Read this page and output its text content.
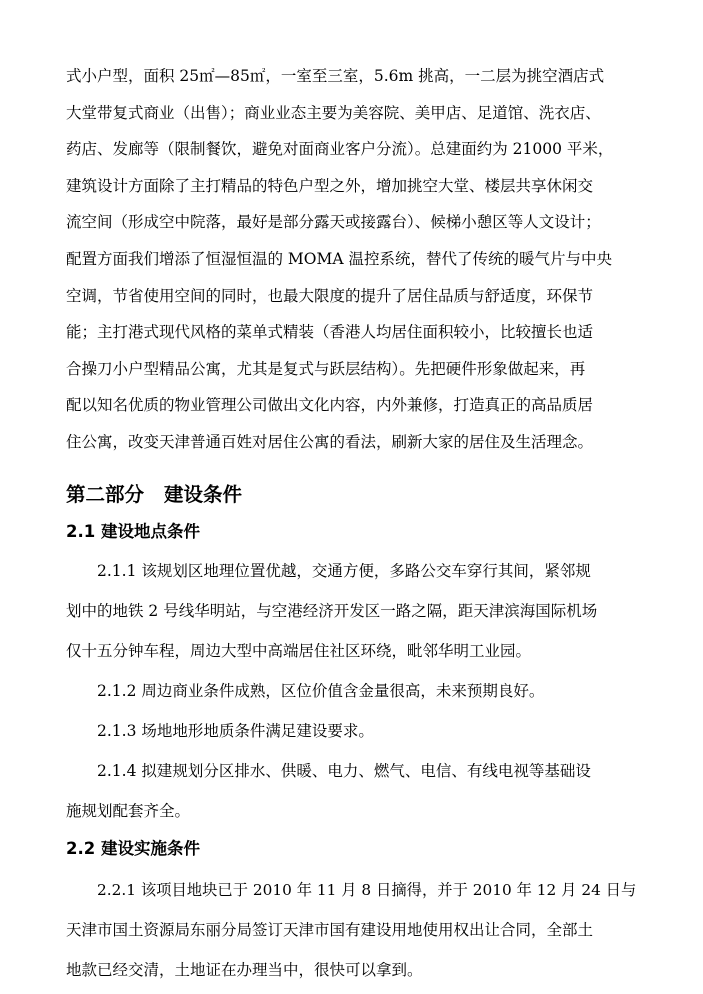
式小户型，面积 25㎡—85㎡，一室至三室，5.6m 挑高，一二层为挑空酒店式
大堂带复式商业（出售）；商业业态主要为美容院、美甲店、足道馆、洗衣店、
药店、发廊等（限制餐饮，避免对面商业客户分流）。总建面约为 21000 平米，
建筑设计方面除了主打精品的特色户型之外，增加挑空大堂、楼层共享休闲交
流空间（形成空中院落，最好是部分露天或接露台）、候梯小憩区等人文设计；
配置方面我们增添了恒湿恒温的 MOMA 温控系统，替代了传统的暖气片与中央
空调，节省使用空间的同时，也最大限度的提升了居住品质与舒适度，环保节
能；主打港式现代风格的菜单式精装（香港人均居住面积较小，比较擅长也适
合操刀小户型精品公寓，尤其是复式与跃层结构）。先把硬件形象做起来，再
配以知名优质的物业管理公司做出文化内容，内外兼修，打造真正的高品质居
第二部分 建设条件
2.1 建设地点条件
2.1.1 该规划区地理位置优越，交通方便，多路公交车穿行其间，紧邻规
划中的地铁 2 号线华明站，与空港经济开发区一路之隔，距天津滨海国际机场
仅十五分钟车程，周边大型中高端居住社区环绕，毗邻华明工业园。
2.1.2 周边商业条件成熟，区位价值含金量很高，未来预期良好。
2.1.3 场地地形地质条件满足建设要求。
2.1.4 拟建规划分区排水、供暖、电力、燃气、电信、有线电视等基础设
施规划配套齐全。
2.2 建设实施条件
2.2.1 该项目地块已于 2010 年 11 月 8 日摘得，并于 2010 年 12 月 24 日与
天津市国土资源局东丽分局签订天津市国有建设用地使用权出让合同，全部土
地款已经交清，土地证在办理当中，很快可以拿到。
住公寓，改变天津普通百姓对居住公寓的看法，刷新大家的居住及生活理念。
